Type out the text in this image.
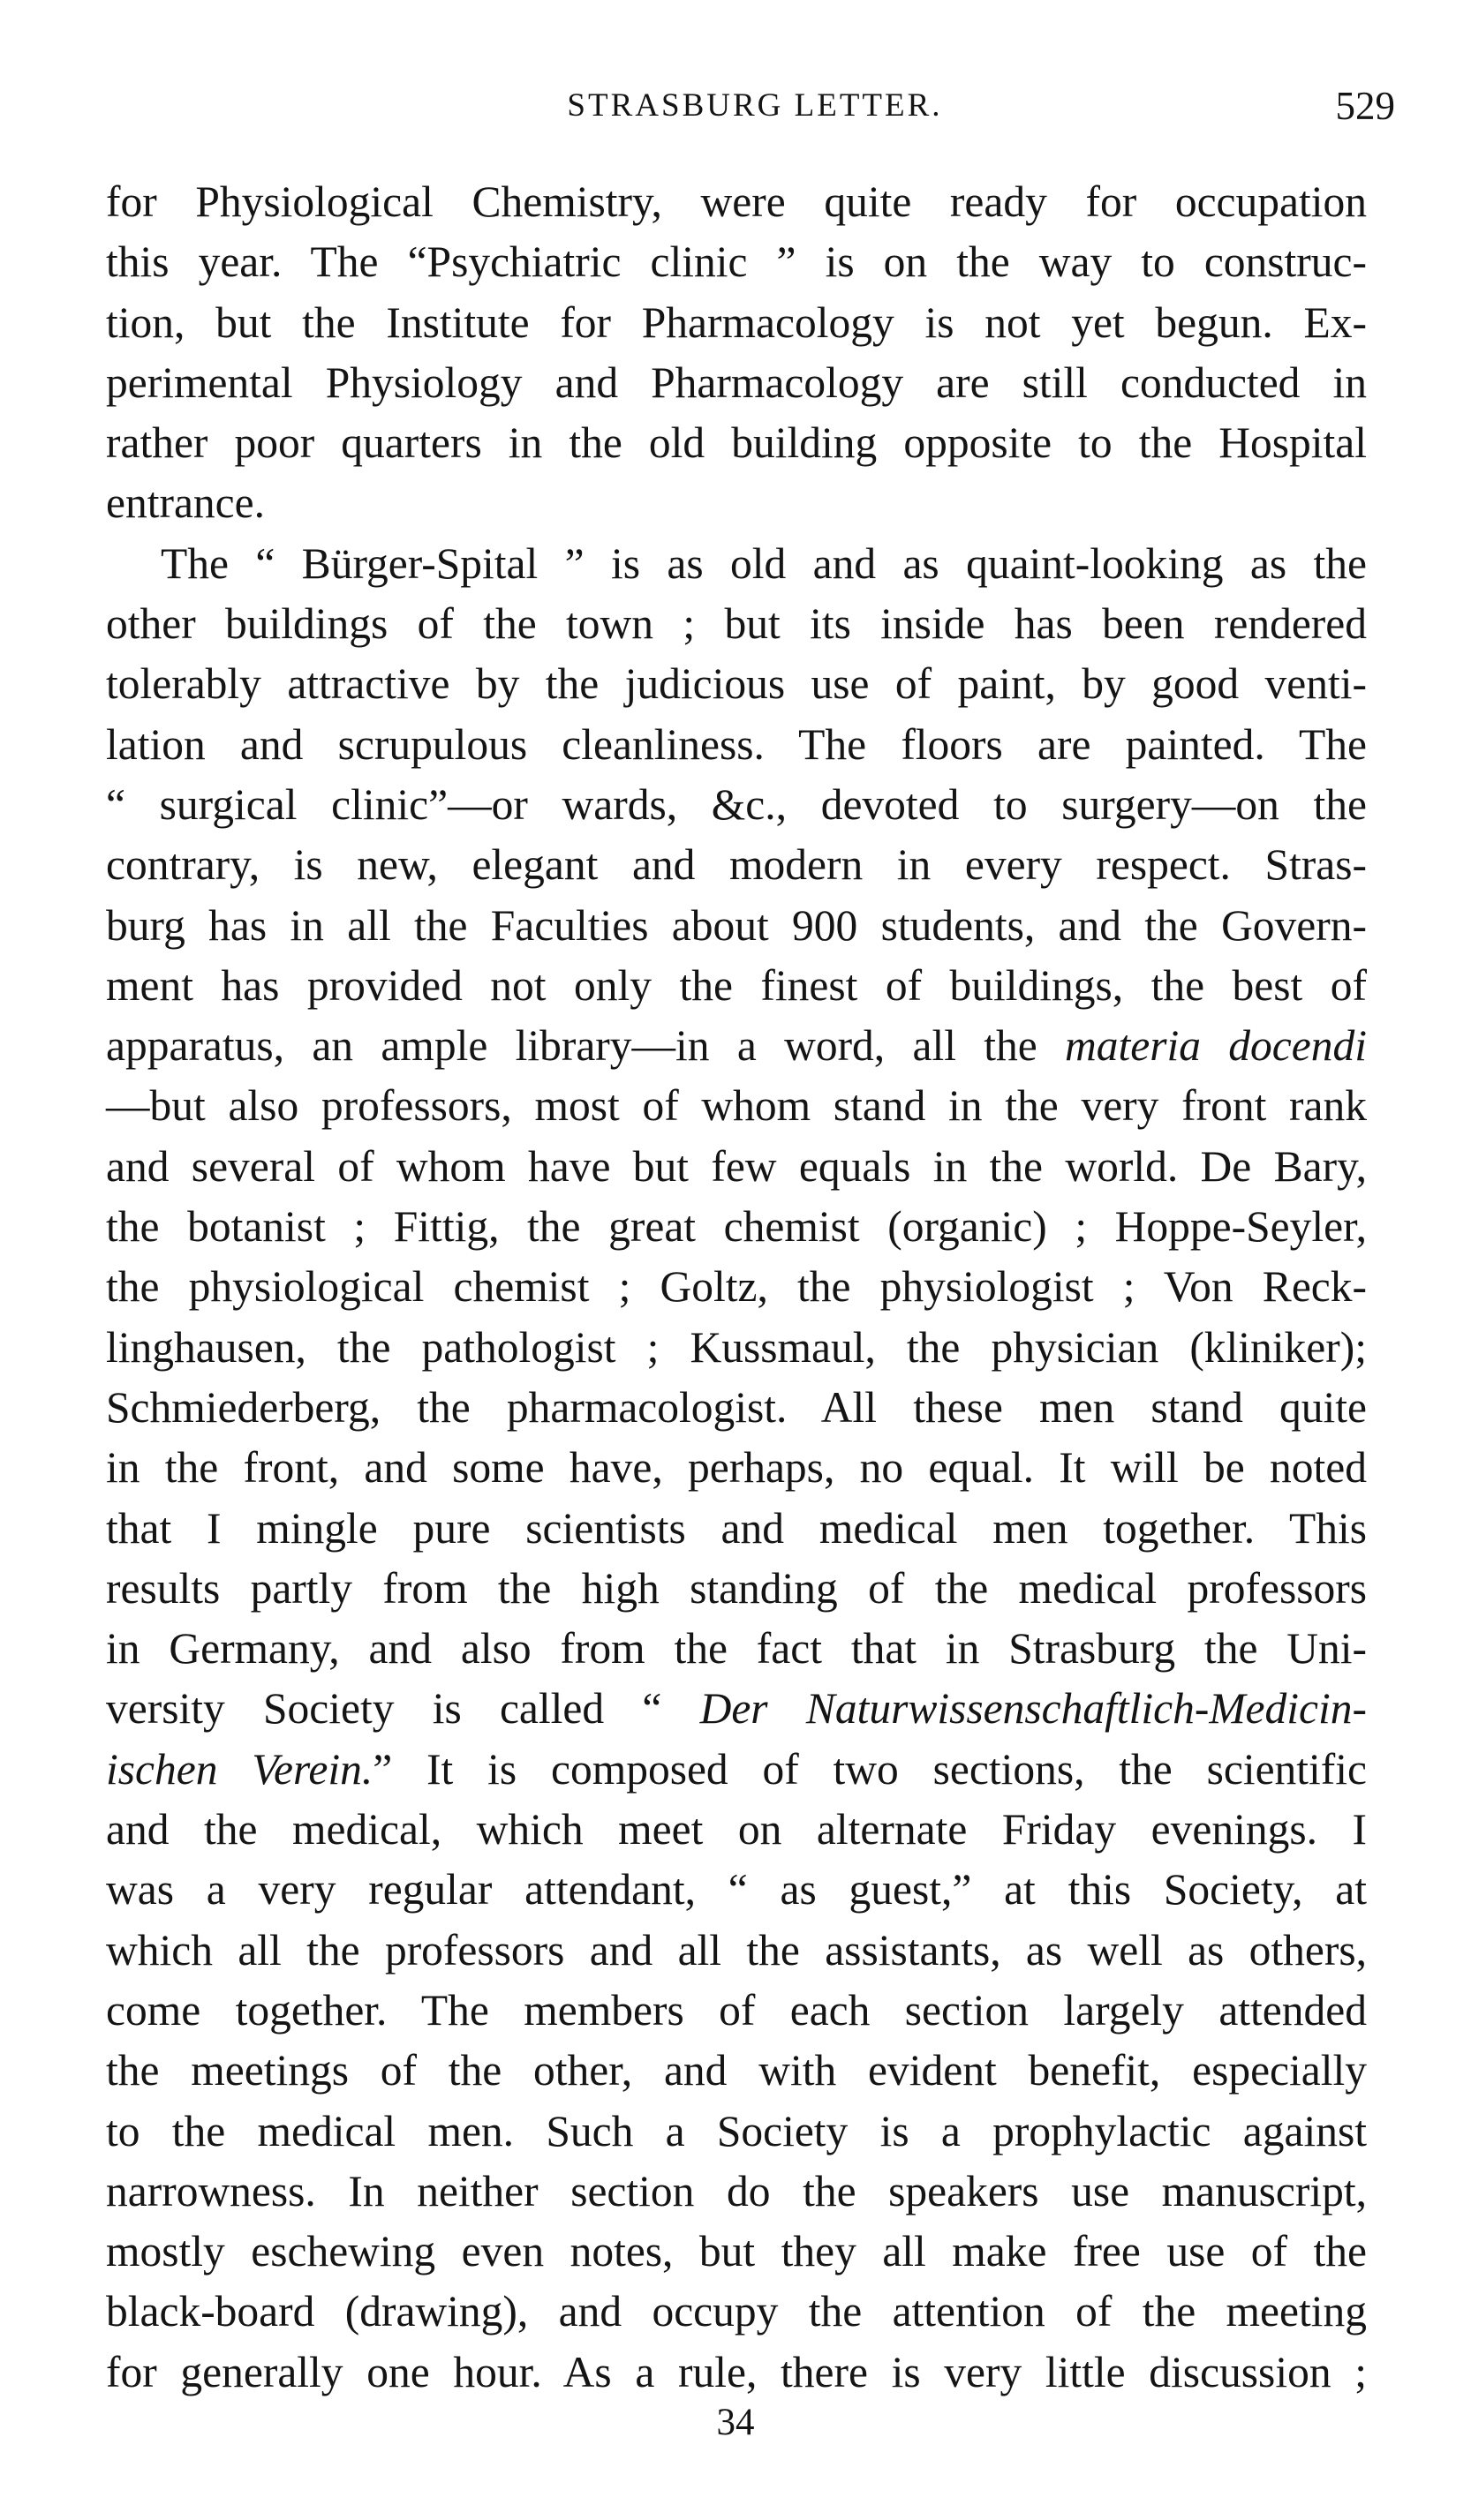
STRASBURG LETTER.	529
for Physiological Chemistry, were quite ready for occupation
this year. The “Psychiatric clinic ” is on the way to construc-
tion, but the Institute for Pharmacology is not yet begun. Ex-
perimental Physiology and Pharmacology are still conducted in
rather poor quarters in the old building opposite to the Hospital
entrance.
The “ Bürger-Spital ” is as old and as quaint-looking as the
other buildings of the town ; but its inside has been rendered
tolerably attractive by the judicious use of paint, by good venti-
lation and scrupulous cleanliness. The floors are painted. The
“ surgical clinic”—or wards, &c., devoted to surgery—on the
contrary, is new, elegant and modern in every respect. Stras-
burg has in all the Faculties about 900 students, and the Govern-
ment has provided not only the finest of buildings, the best of
apparatus, an ample library—in a word, all the materia docendi
—but also professors, most of whom stand in the very front rank
and several of whom have but few equals in the world. De Bary,
the botanist ; Fittig, the great chemist (organic) ; Hoppe-Seyler,
the physiological chemist ; Goltz, the physiologist ; Von Reck-
linghausen, the pathologist ; Kussmaul, the physician (kliniker);
Schmiederberg, the pharmacologist. All these men stand quite
in the front, and some have, perhaps, no equal. It will be noted
that I mingle pure scientists and medical men together. This
results partly from the high standing of the medical professors
in Germany, and also from the fact that in Strasburg the Uni-
versity Society is called “ Der Naturwissenschaftlich-Medicin-
ischen Verein.” It is composed of two sections, the scientific
and the medical, which meet on alternate Friday evenings. I
was a very regular attendant, “ as guest,” at this Society, at
which all the professors and all the assistants, as well as others,
come together. The members of each section largely attended
the meetings of the other, and with evident benefit, especially
to the medical men. Such a Society is a prophylactic against
narrowness. In neither section do the speakers use manuscript,
mostly eschewing even notes, but they all make free use of the
black-board (drawing), and occupy the attention of the meeting
for generally one hour. As a rule, there is very little discussion ;
34
